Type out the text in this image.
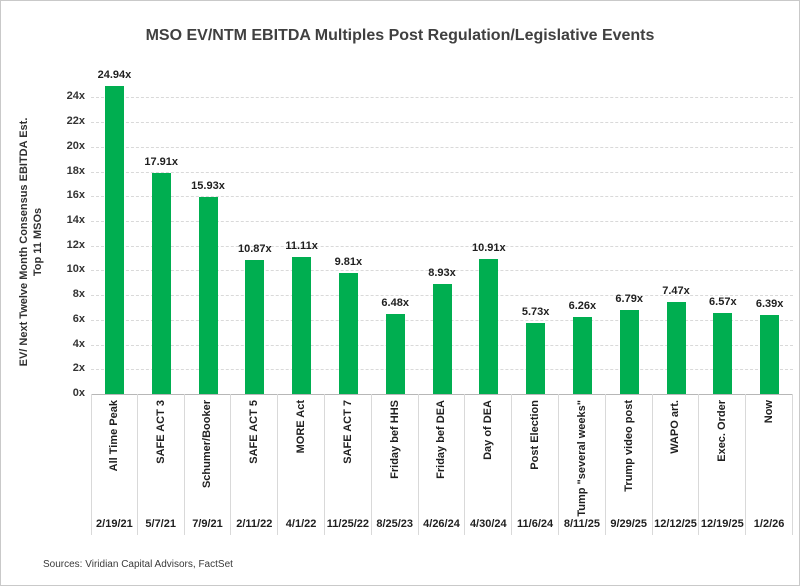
MSO EV/NTM EBITDA Multiples Post Regulation/Legislative Events
EV/ Next Twelve Month Consensus EBITDA Est. Top 11 MSOs
24.94x
17.91x
15.93x
10.87x	11.11x
9.81x
6.48x
8.93x
10.91x
5.73x
6.26x
6.79x
7.47x
6.57x	6.39x
0x
2x
4x
6x
8x
10x
12x
14x
16x
18x
20x
22x
24x
All Time Peak
2/19/21
SAFE ACT 3
5/7/21
Schumer/Booker
7/9/21
SAFE ACT 5
2/11/22
MORE Act
4/1/22
SAFE ACT 7
11/25/22
Friday bef HHS
8/25/23
Friday bef DEA
4/26/24
Day of DEA
4/30/24
Post Election
11/6/24
Tump "several weeks"
8/11/25
Trump video post
9/29/25
WAPO art.
12/12/25
Exec. Order
12/19/25
Now
1/2/26
Sources: Viridian Capital Advisors, FactSet
